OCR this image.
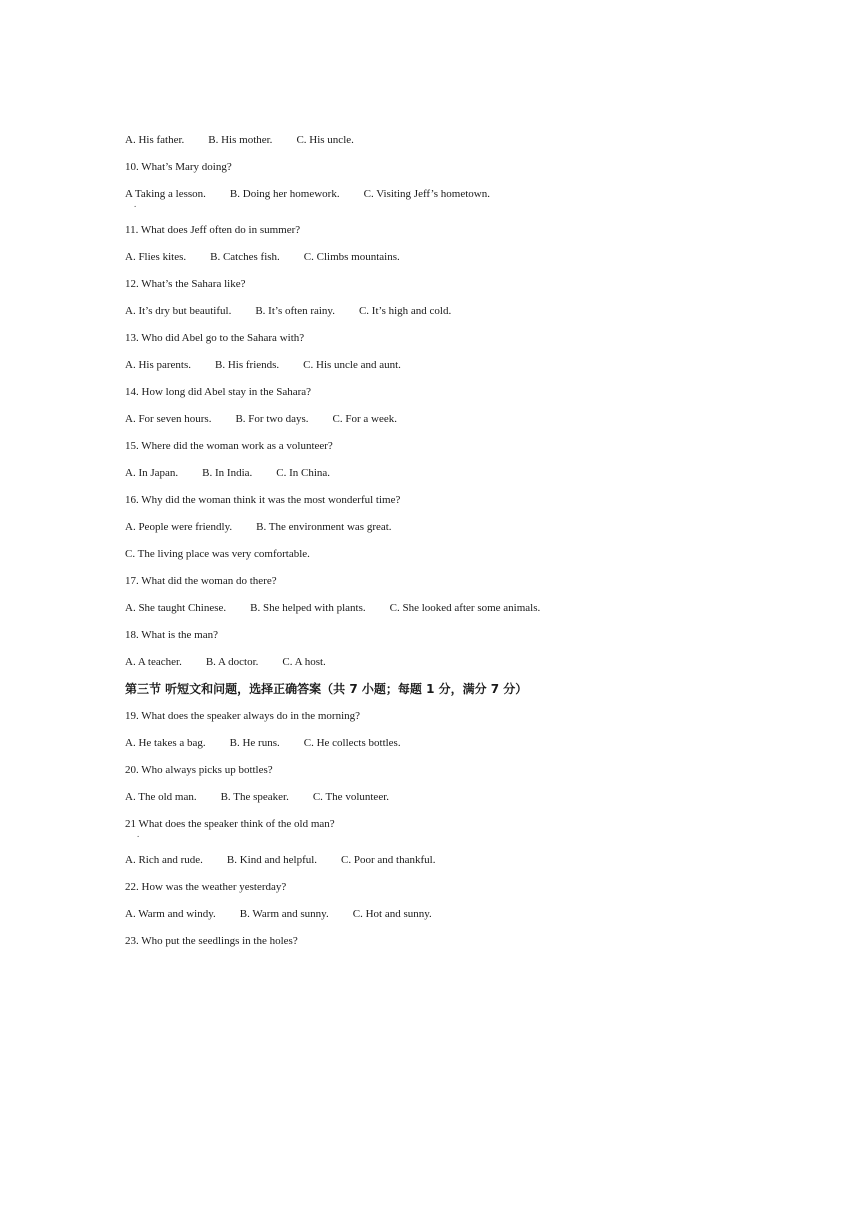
A. His father. B. His mother. C. His uncle.
10. What’s Mary doing?
A Taking a lesson. B. Doing her homework. C. Visiting Jeff’s hometown.
.
11. What does Jeff often do in summer?
A. Flies kites. B. Catches fish. C. Climbs mountains.
12. What’s the Sahara like?
A. It’s dry but beautiful. B. It’s often rainy. C. It’s high and cold.
13. Who did Abel go to the Sahara with?
A. His parents. B. His friends. C. His uncle and aunt.
14. How long did Abel stay in the Sahara?
A. For seven hours. B. For two days. C. For a week.
15. Where did the woman work as a volunteer?
A. In Japan. B. In India. C. In China.
16. Why did the woman think it was the most wonderful time?
A. People were friendly. B. The environment was great.
C. The living place was very comfortable.
17. What did the woman do there?
A. She taught Chinese. B. She helped with plants. C. She looked after some animals.
18. What is the man?
A. A teacher. B. A doctor. C. A host.
第三节 听短文和问题，选择正确答案（共 7 小题；每题 1 分，满分 7 分）
19. What does the speaker always do in the morning?
A. He takes a bag. B. He runs. C. He collects bottles.
20. Who always picks up bottles?
A. The old man. B. The speaker. C. The volunteer.
21 What does the speaker think of the old man?
.
A. Rich and rude. B. Kind and helpful. C. Poor and thankful.
22. How was the weather yesterday?
A. Warm and windy. B. Warm and sunny. C. Hot and sunny.
23. Who put the seedlings in the holes?
